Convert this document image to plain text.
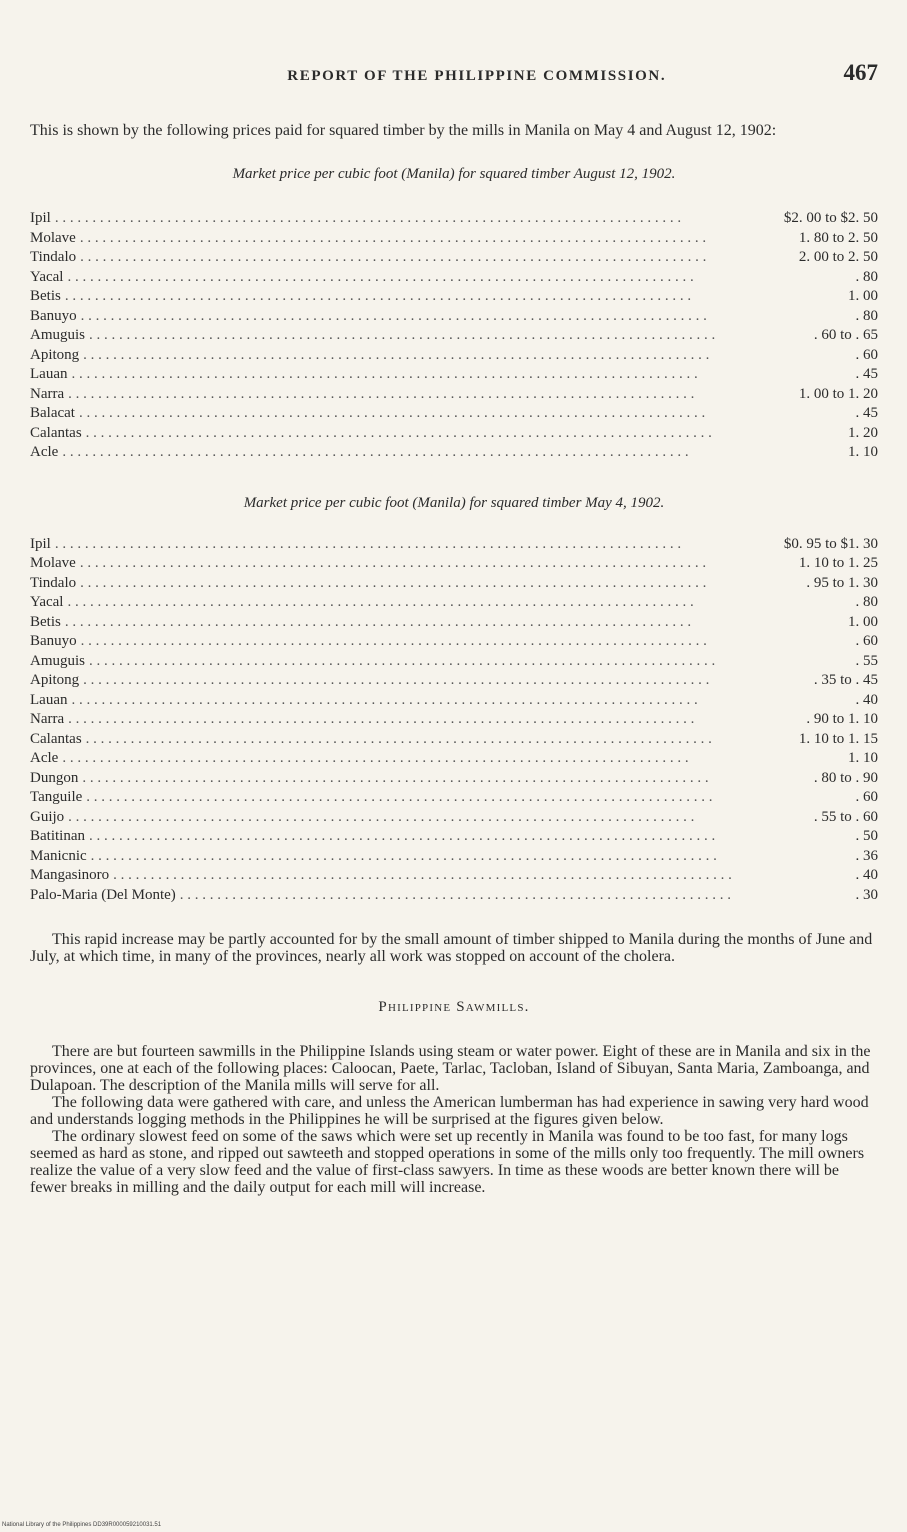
REPORT OF THE PHILIPPINE COMMISSION.	467

This is shown by the following prices paid for squared timber by the mills in Manila on May 4 and August 12, 1902:

Market price per cubic foot (Manila) for squared timber August 12, 1902.

Ipil . . .	$2. 00 to $2. 50
Molave . . .	1. 80 to 2. 50
Tindalo . . .	2. 00 to 2. 50
Yacal . . .	. 80
Betis . . .	1. 00
Banuyo . . .	. 80
Amuguis . . .	. 60 to . 65
Apitong . . .	. 60
Lauan . . .	. 45
Narra . . .	1. 00 to 1. 20
Balacat . . .	. 45
Calantas . . .	1. 20
Acle . . .	1. 10

Market price per cubic foot (Manila) for squared timber May 4, 1902.

Ipil . . .	$0. 95 to $1. 30
Molave . . .	1. 10 to 1. 25
Tindalo . . .	. 95 to 1. 30
Yacal . . .	. 80
Betis . . .	1. 00
Banuyo . . .	. 60
Amuguis . . .	. 55
Apitong . . .	. 35 to . 45
Lauan . . .	. 40
Narra . . .	. 90 to 1. 10
Calantas . . .	1. 10 to 1. 15
Acle . . .	1. 10
Dungon . . .	. 80 to . 90
Tanguile . . .	. 60
Guijo . . .	. 55 to . 60
Batitinan . . .	. 50
Manicnic . . .	. 36
Mangasinoro . . .	. 40
Palo-Maria (Del Monte) . . .	. 30

This rapid increase may be partly accounted for by the small amount of timber shipped to Manila during the months of June and July, at which time, in many of the provinces, nearly all work was stopped on account of the cholera.

Philippine Sawmills.

There are but fourteen sawmills in the Philippine Islands using steam or water power. Eight of these are in Manila and six in the provinces, one at each of the following places: Caloocan, Paete, Tarlac, Tacloban, Island of Sibuyan, Santa Maria, Zamboanga, and Dulapoan. The description of the Manila mills will serve for all.

The following data were gathered with care, and unless the American lumberman has had experience in sawing very hard wood and understands logging methods in the Philippines he will be surprised at the figures given below.

The ordinary slowest feed on some of the saws which were set up recently in Manila was found to be too fast, for many logs seemed as hard as stone, and ripped out sawteeth and stopped operations in some of the mills only too frequently. The mill owners realize the value of a very slow feed and the value of first-class sawyers. In time as these woods are better known there will be fewer breaks in milling and the daily output for each mill will increase.

National Library of the Philippines DD39R000059210031.51
